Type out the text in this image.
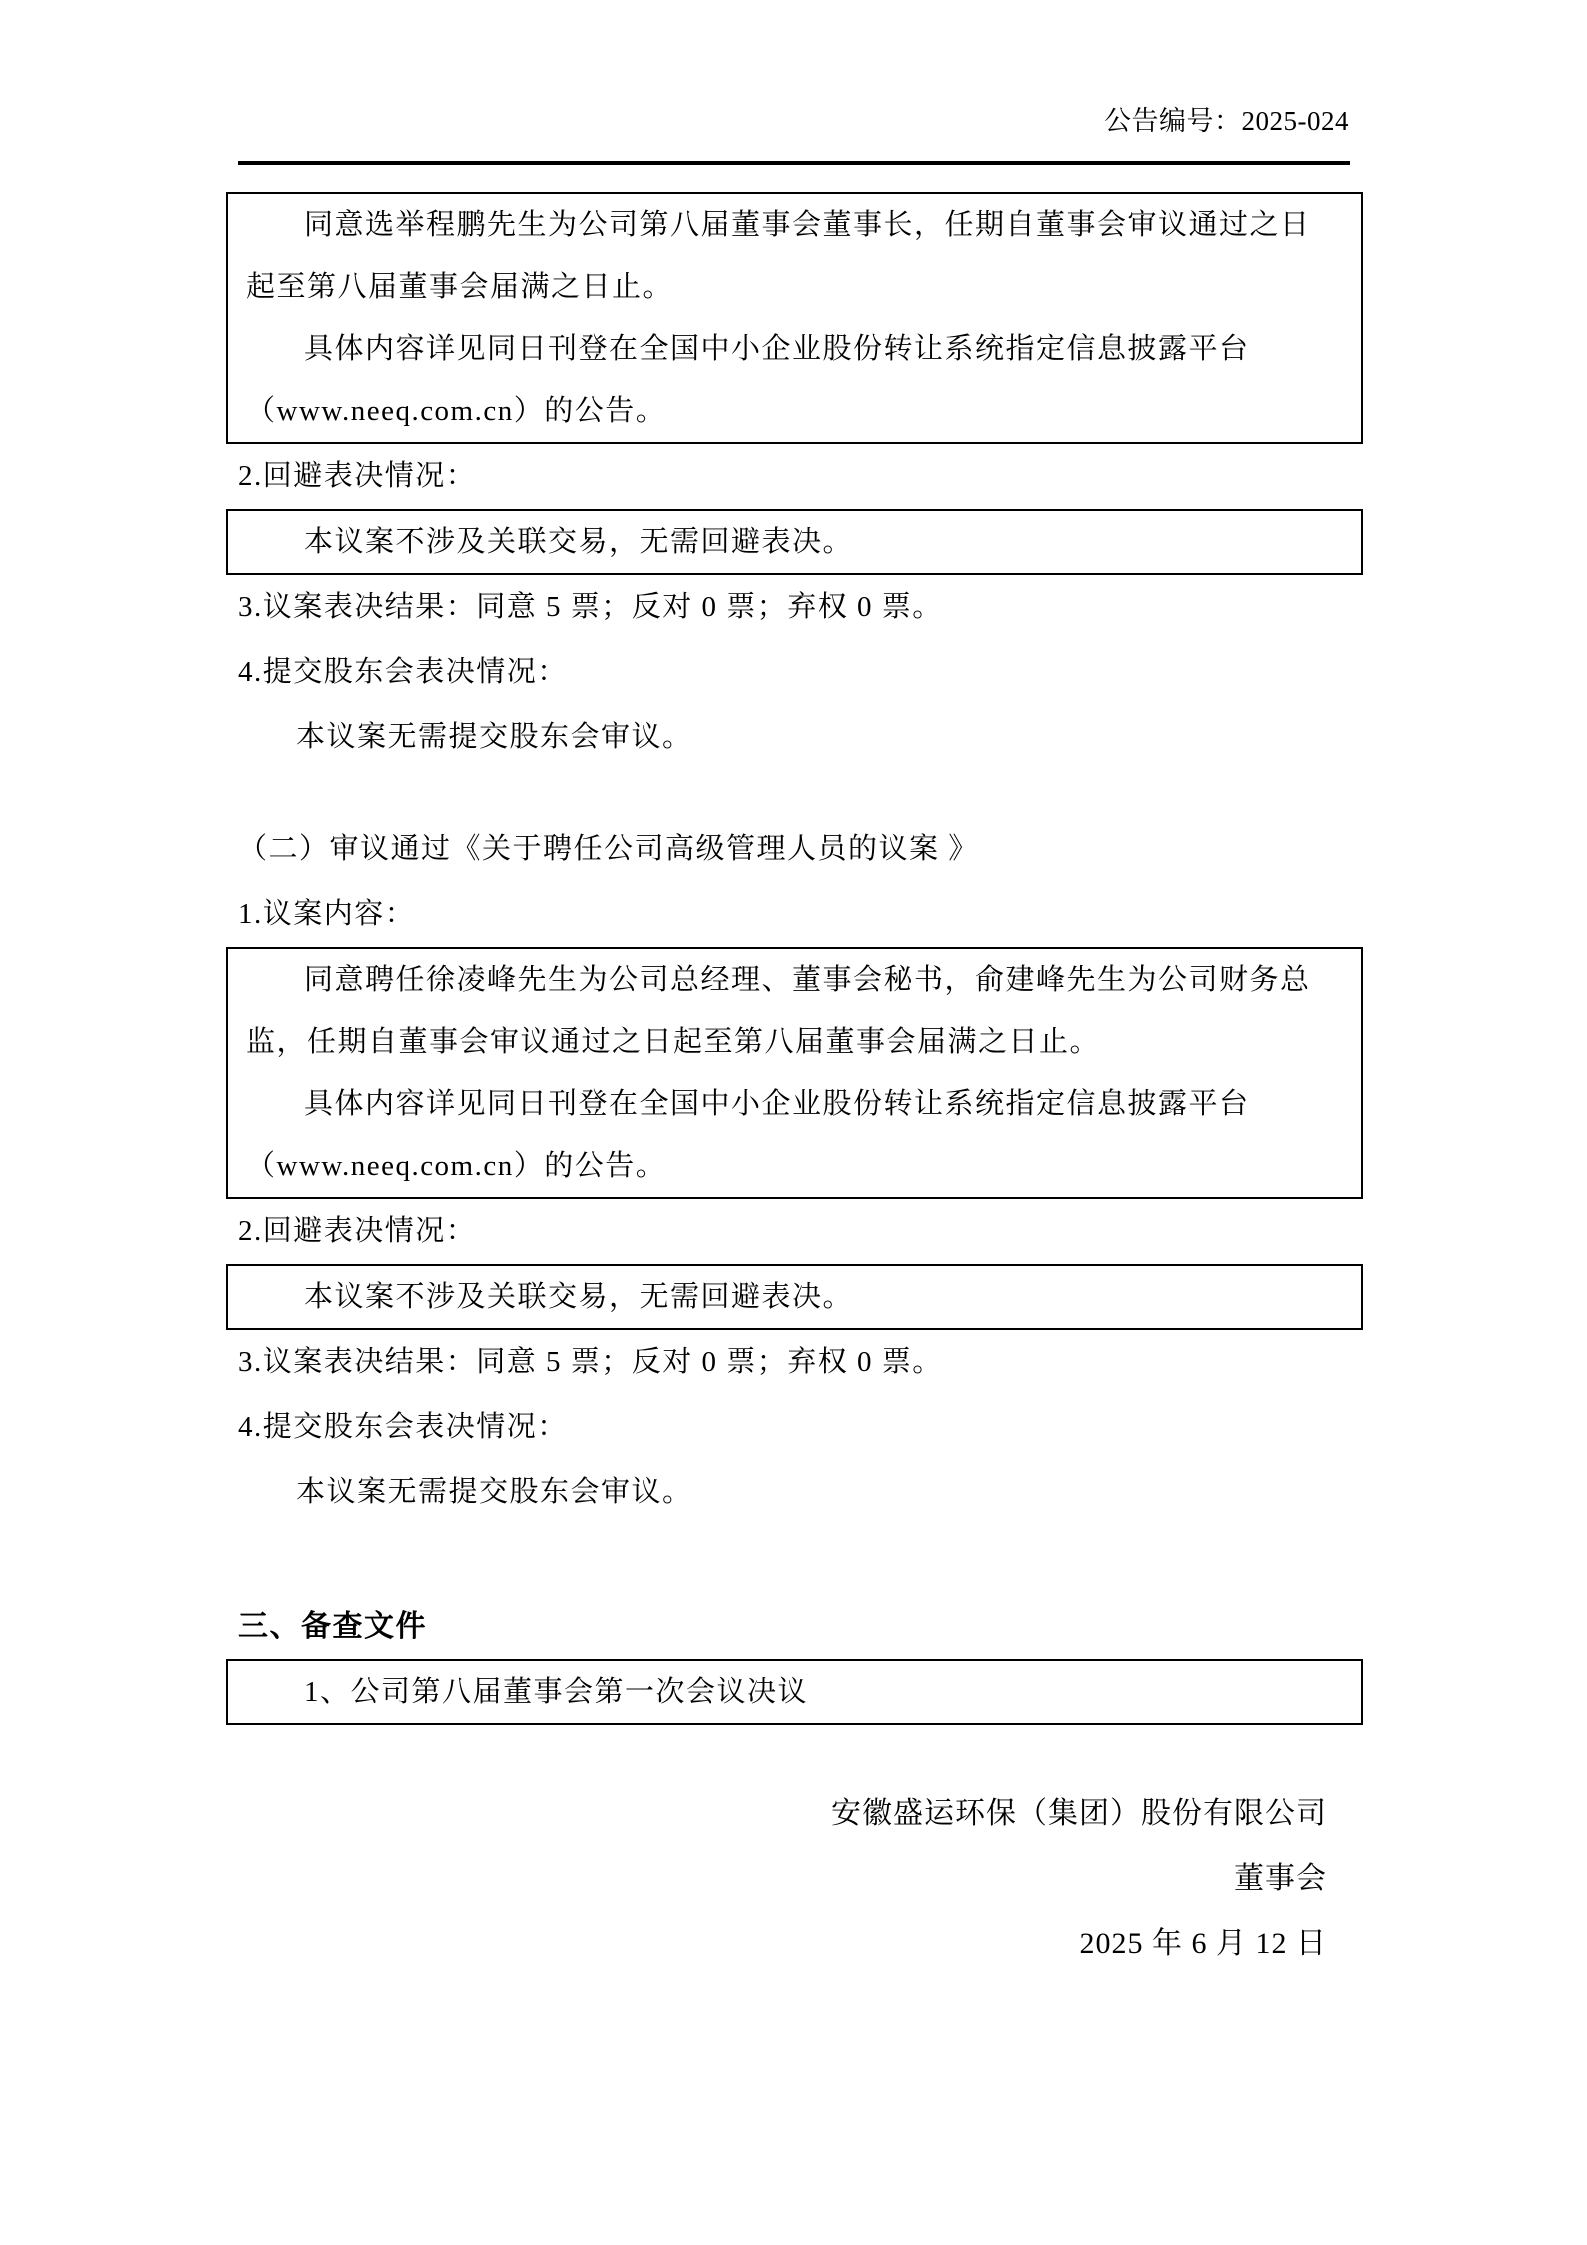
公告编号：2025-024
同意选举程鹏先生为公司第八届董事会董事长，任期自董事会审议通过之日
起至第八届董事会届满之日止。
具体内容详见同日刊登在全国中小企业股份转让系统指定信息披露平台
（www.neeq.com.cn）的公告。
2.回避表决情况：
本议案不涉及关联交易，无需回避表决。
3.议案表决结果：同意 5 票；反对 0 票；弃权 0 票。
4.提交股东会表决情况：
本议案无需提交股东会审议。
（二）审议通过《关于聘任公司高级管理人员的议案 》
1.议案内容：
同意聘任徐凌峰先生为公司总经理、董事会秘书，俞建峰先生为公司财务总
监，任期自董事会审议通过之日起至第八届董事会届满之日止。
具体内容详见同日刊登在全国中小企业股份转让系统指定信息披露平台
（www.neeq.com.cn）的公告。
2.回避表决情况：
本议案不涉及关联交易，无需回避表决。
3.议案表决结果：同意 5 票；反对 0 票；弃权 0 票。
4.提交股东会表决情况：
本议案无需提交股东会审议。
三、备查文件
1、公司第八届董事会第一次会议决议
安徽盛运环保（集团）股份有限公司
董事会
2025 年 6 月 12 日
